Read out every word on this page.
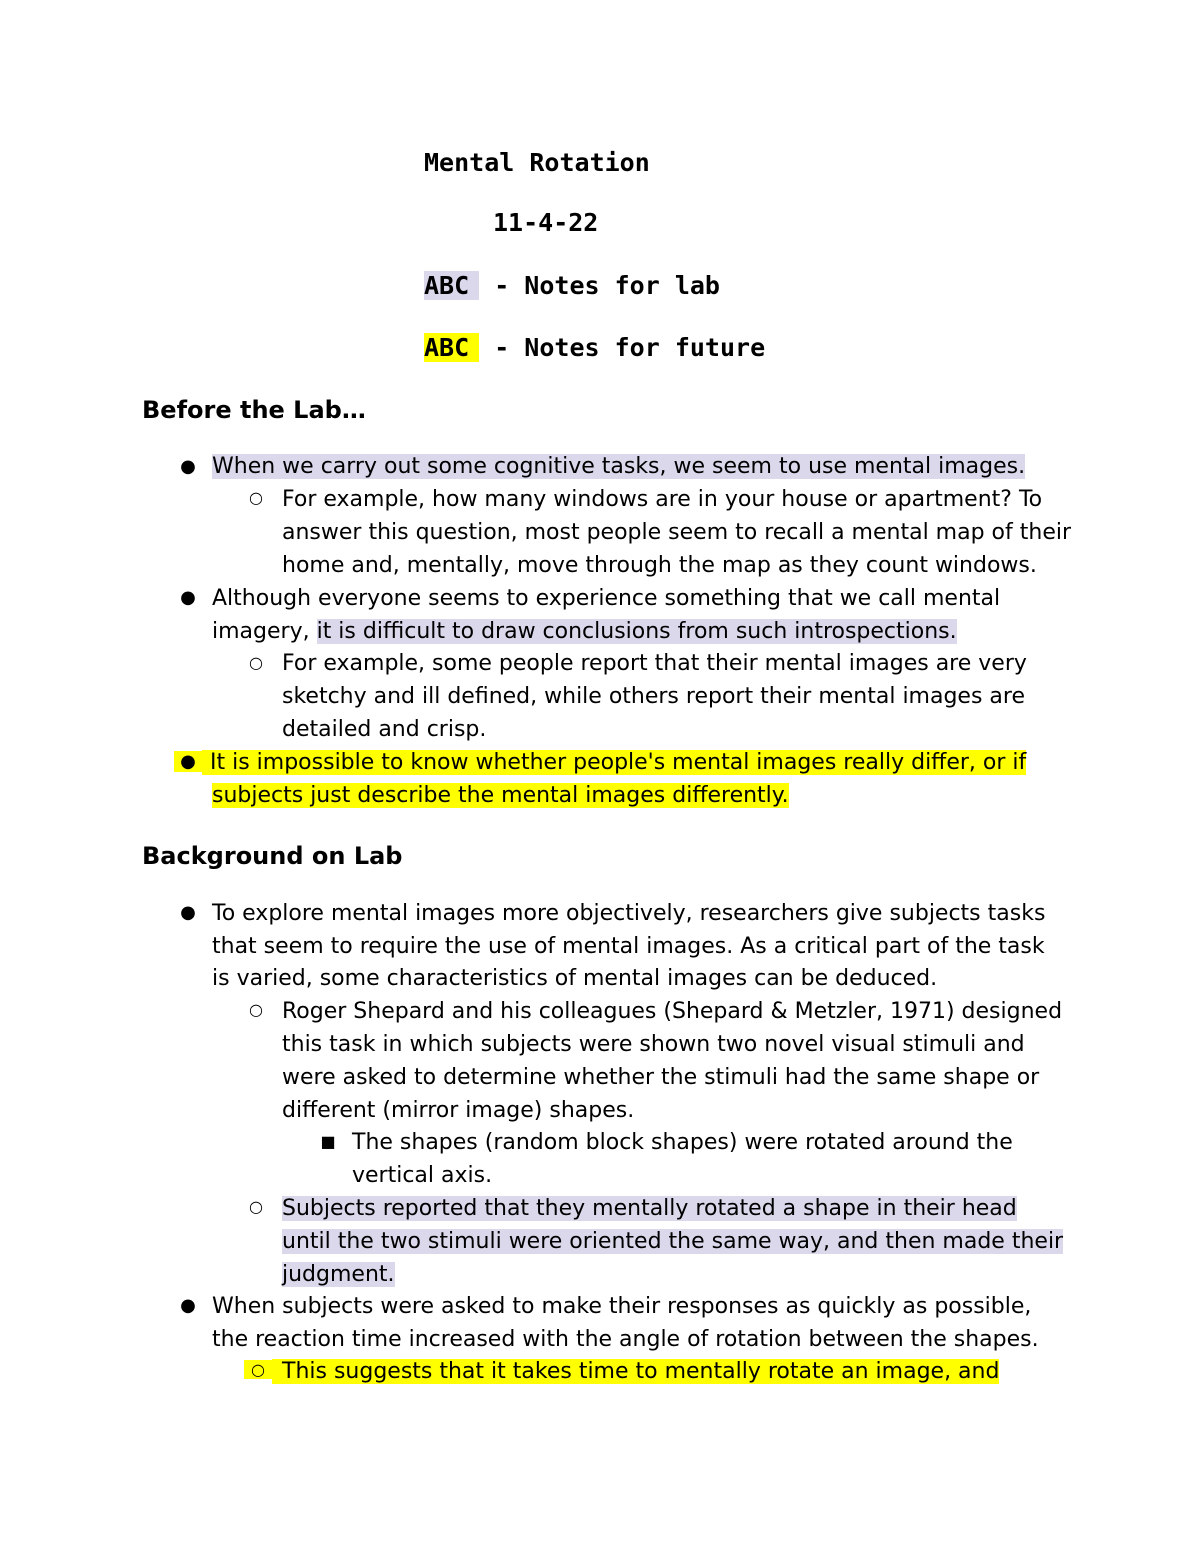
Mental Rotation

11-4-22

ABC - Notes for lab

ABC - Notes for future

Before the Lab…

● When we carry out some cognitive tasks, we seem to use mental images.

○ For example, how many windows are in your house or apartment? To

answer this question, most people seem to recall a mental map of their

home and, mentally, move through the map as they count windows.

● Although everyone seems to experience something that we call mental

imagery, it is difficult to draw conclusions from such introspections.

○ For example, some people report that their mental images are very

sketchy and ill defined, while others report their mental images are

detailed and crisp.

● It is impossible to know whether people's mental images really differ, or if

subjects just describe the mental images differently.

Background on Lab

● To explore mental images more objectively, researchers give subjects tasks

that seem to require the use of mental images. As a critical part of the task

is varied, some characteristics of mental images can be deduced.

○ Roger Shepard and his colleagues (Shepard & Metzler, 1971) designed

this task in which subjects were shown two novel visual stimuli and

were asked to determine whether the stimuli had the same shape or

different (mirror image) shapes.

■ The shapes (random block shapes) were rotated around the

vertical axis.

○ Subjects reported that they mentally rotated a shape in their head

until the two stimuli were oriented the same way, and then made their

judgment.

● When subjects were asked to make their responses as quickly as possible,

the reaction time increased with the angle of rotation between the shapes.

○ This suggests that it takes time to mentally rotate an image, and
